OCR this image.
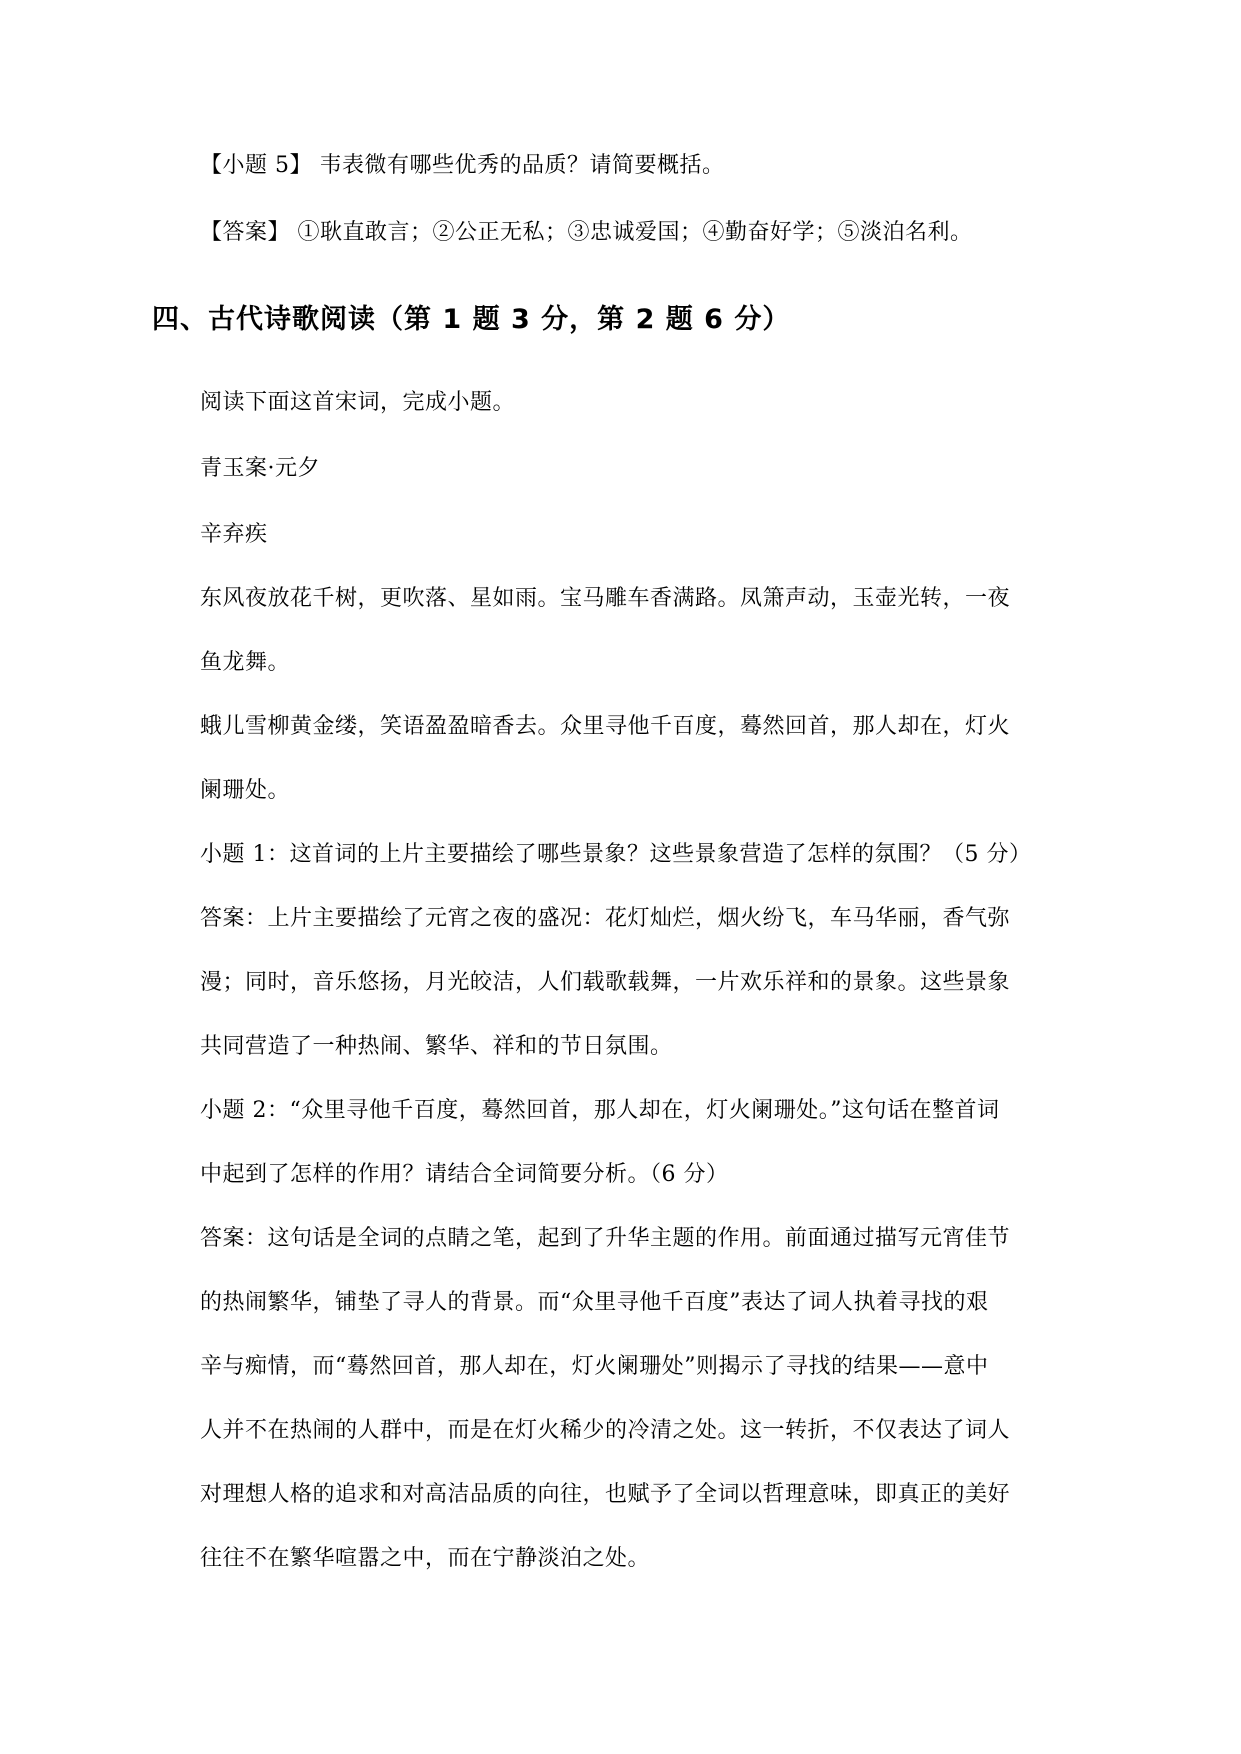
【小题 5】 韦表微有哪些优秀的品质？请简要概括。
【答案】 ①耿直敢言；②公正无私；③忠诚爱国；④勤奋好学；⑤淡泊名利。
四、古代诗歌阅读（第 1 题 3 分，第 2 题 6 分）
阅读下面这首宋词，完成小题。
青玉案·元夕
辛弃疾
东风夜放花千树，更吹落、星如雨。宝马雕车香满路。凤箫声动，玉壶光转，一夜
鱼龙舞。
蛾儿雪柳黄金缕，笑语盈盈暗香去。众里寻他千百度，蓦然回首，那人却在，灯火
阑珊处。
小题 1：这首词的上片主要描绘了哪些景象？这些景象营造了怎样的氛围？（5 分）
答案：上片主要描绘了元宵之夜的盛况：花灯灿烂，烟火纷飞，车马华丽，香气弥
漫；同时，音乐悠扬，月光皎洁，人们载歌载舞，一片欢乐祥和的景象。这些景象
共同营造了一种热闹、繁华、祥和的节日氛围。
小题 2：“众里寻他千百度，蓦然回首，那人却在，灯火阑珊处。”这句话在整首词
中起到了怎样的作用？请结合全词简要分析。（6 分）
答案：这句话是全词的点睛之笔，起到了升华主题的作用。前面通过描写元宵佳节
的热闹繁华，铺垫了寻人的背景。而“众里寻他千百度”表达了词人执着寻找的艰
辛与痴情，而“蓦然回首，那人却在，灯火阑珊处”则揭示了寻找的结果——意中
人并不在热闹的人群中，而是在灯火稀少的冷清之处。这一转折，不仅表达了词人
对理想人格的追求和对高洁品质的向往，也赋予了全词以哲理意味，即真正的美好
往往不在繁华喧嚣之中，而在宁静淡泊之处。
